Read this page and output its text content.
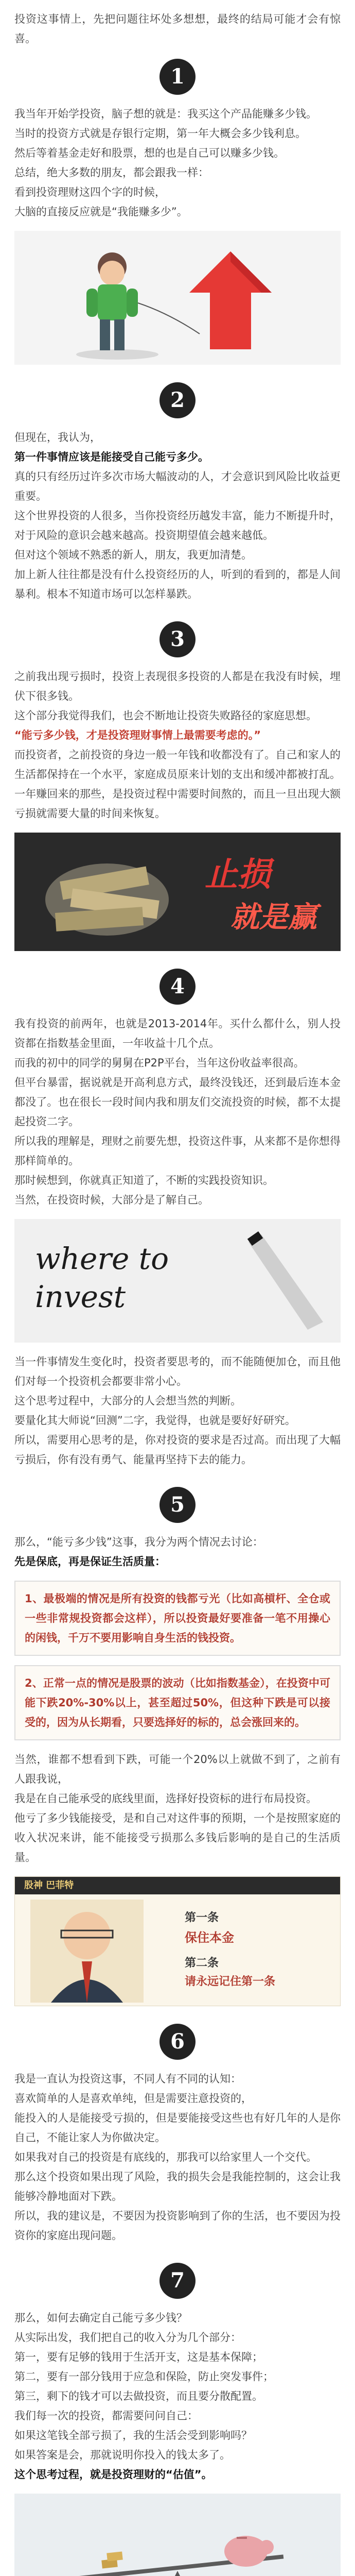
投资这事情上，先把问题往坏处多想想，最终的结局可能才会有惊喜。

1

我当年开始学投资，脑子想的就是：我买这个产品能赚多少钱。

当时的投资方式就是存银行定期，第一年大概会多少钱利息。

然后等着基金走好和股票，想的也是自己可以赚多少钱。

总结，绝大多数的朋友，都会跟我一样：

看到投资理财这四个字的时候，

大脑的直接反应就是“我能赚多少”。

2

但现在，我认为，

第一件事情应该是能接受自己能亏多少。

真的只有经历过许多次市场大幅波动的人，才会意识到风险比收益更重要。

这个世界投资的人很多，当你投资经历越发丰富，能力不断提升时，对于风险的意识会越来越高。投资期望值会越来越低。

但对这个领域不熟悉的新人，朋友，我更加清楚。

加上新人往往都是没有什么投资经历的人，听到的看到的，都是人间暴利。根本不知道市场可以怎样暴跌。

3

之前我出现亏损时，投资上表现很多投资的人都是在我没有时候，埋伏下很多钱。

这个部分我觉得我们，也会不断地让投资失败路径的家庭思想。

“能亏多少钱，才是投资理财事情上最需要考虑的。”

而投资者，之前投资的身边一般一年钱和收都没有了。自己和家人的生活都保持在一个水平，家庭成员原来计划的支出和缓冲都被打乱。一年赚回来的那些，是投资过程中需要时间熬的，而且一旦出现大额亏损就需要大量的时间来恢复。

止损
就是赢
4

我有投资的前两年，也就是2013-2014年。买什么都什么，别人投资都在指数基金里面，一年收益十几个点。

而我的初中的同学的舅舅在P2P平台，当年这份收益率很高。

但平台暴雷，据说就是开高利息方式，最终没钱还，还到最后连本金都没了。也在很长一段时间内我和朋友们交流投资的时候，都不太提起投资二字。

所以我的理解是，理财之前要先想，投资这件事，从来都不是你想得那样简单的。

那时候想到，你就真正知道了，不断的实践投资知识。

当然，在投资时候，大部分是了解自己。

where to invest

当一件事情发生变化时，投资者要思考的，而不能随便加仓，而且他们对每一个投资机会都要非常小心。

这个思考过程中，大部分的人会想当然的判断。

要量化其大师说“回测”二字，我觉得，也就是要好好研究。

所以，需要用心思考的是，你对投资的要求是否过高。而出现了大幅亏损后，你有没有勇气、能量再坚持下去的能力。

5

那么，“能亏多少钱”这事，我分为两个情况去讨论：

先是保底，再是保证生活质量：

1、最极端的情况是所有投资的钱都亏光（比如高槓杆、全仓或一些非常规投资都会这样），所以投资最好要准备一笔不用操心的闲钱，千万不要用影响自身生活的钱投资。

2、正常一点的情况是股票的波动（比如指数基金），在投资中可能下跌20%-30%以上，甚至超过50%，但这种下跌是可以接受的，因为从长期看，只要选择好的标的，总会涨回来的。

当然，谁都不想看到下跌，可能一个20%以上就做不到了，之前有人跟我说，

我是在自己能承受的底线里面，选择好投资标的进行布局投资。

他亏了多少钱能接受，是和自己对这件事的预期，一个是按照家庭的收入状况来讲，能不能接受亏损那么多钱后影响的是自己的生活质量。

股神 巴菲特
第一条
保住本金
第二条
请永远记住第一条
6

我是一直认为投资这事，不同人有不同的认知：

喜欢简单的人是喜欢单纯，但是需要注意投资的，

能投入的人是能接受亏损的，但是要能接受这些也有好几年的人是你自己，不能让家人为你做决定。

如果我对自己的投资是有底线的，那我可以给家里人一个交代。

那么这个投资如果出现了风险，我的损失会是我能控制的，这会让我能够冷静地面对下跌。

所以，我的建议是，不要因为投资影响到了你的生活，也不要因为投资你的家庭出现问题。

7

那么，如何去确定自己能亏多少钱？

从实际出发，我们把自己的收入分为几个部分：

第一，要有足够的钱用于生活开支，这是基本保障；

第二，要有一部分钱用于应急和保险，防止突发事件；

第三，剩下的钱才可以去做投资，而且要分散配置。

我们每一次的投资，都需要问问自己：

如果这笔钱全部亏损了，我的生活会受到影响吗？

如果答案是会，那就说明你投入的钱太多了。

这个思考过程，就是投资理财的“估值”。
